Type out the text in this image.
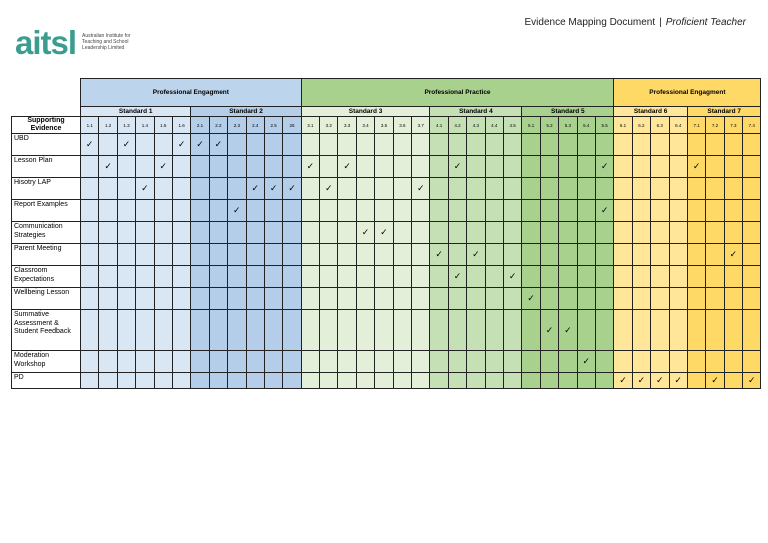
aitsl Australian Institute for Teaching and School Leadership Limited
Evidence Mapping Document | Proficient Teacher
	Professional Engagment												Professional Practice																	Professional Engagment							
	Standard 1						Standard 2						Standard 3							Standard 4					Standard 5					Standard 6				Standard 7			
Supporting Evidence	1.1	1.2	1.3	1.4	1.5	1.6	2.1	2.2	2.3	2.4	2.5	26	3.1	3.2	3.3	3.4	3.5	3.6	3.7	4.1	4.2	4.3	4.4	4.5	5.1	5.2	5.3	5.4	5.5	6.1	6.2	6.3	6.4	7.1	7.2	7.3	7.4
UBD	✓		✓			✓	✓	✓																													
Lesson Plan		✓			✓								✓		✓						✓								✓					✓			
Hisotry LAP				✓						✓	✓	✓		✓					✓																		
Report Examples									✓																				✓								
Communication Strategies																✓	✓																				
Parent Meeting																				✓		✓														✓	
Classroom Expectations																					✓			✓													
Wellbeing Lesson																									✓												
Summative Assessment & Student Feedback																										✓	✓										
Moderation Workshop																												✓									
PD																														✓	✓	✓	✓		✓		✓
